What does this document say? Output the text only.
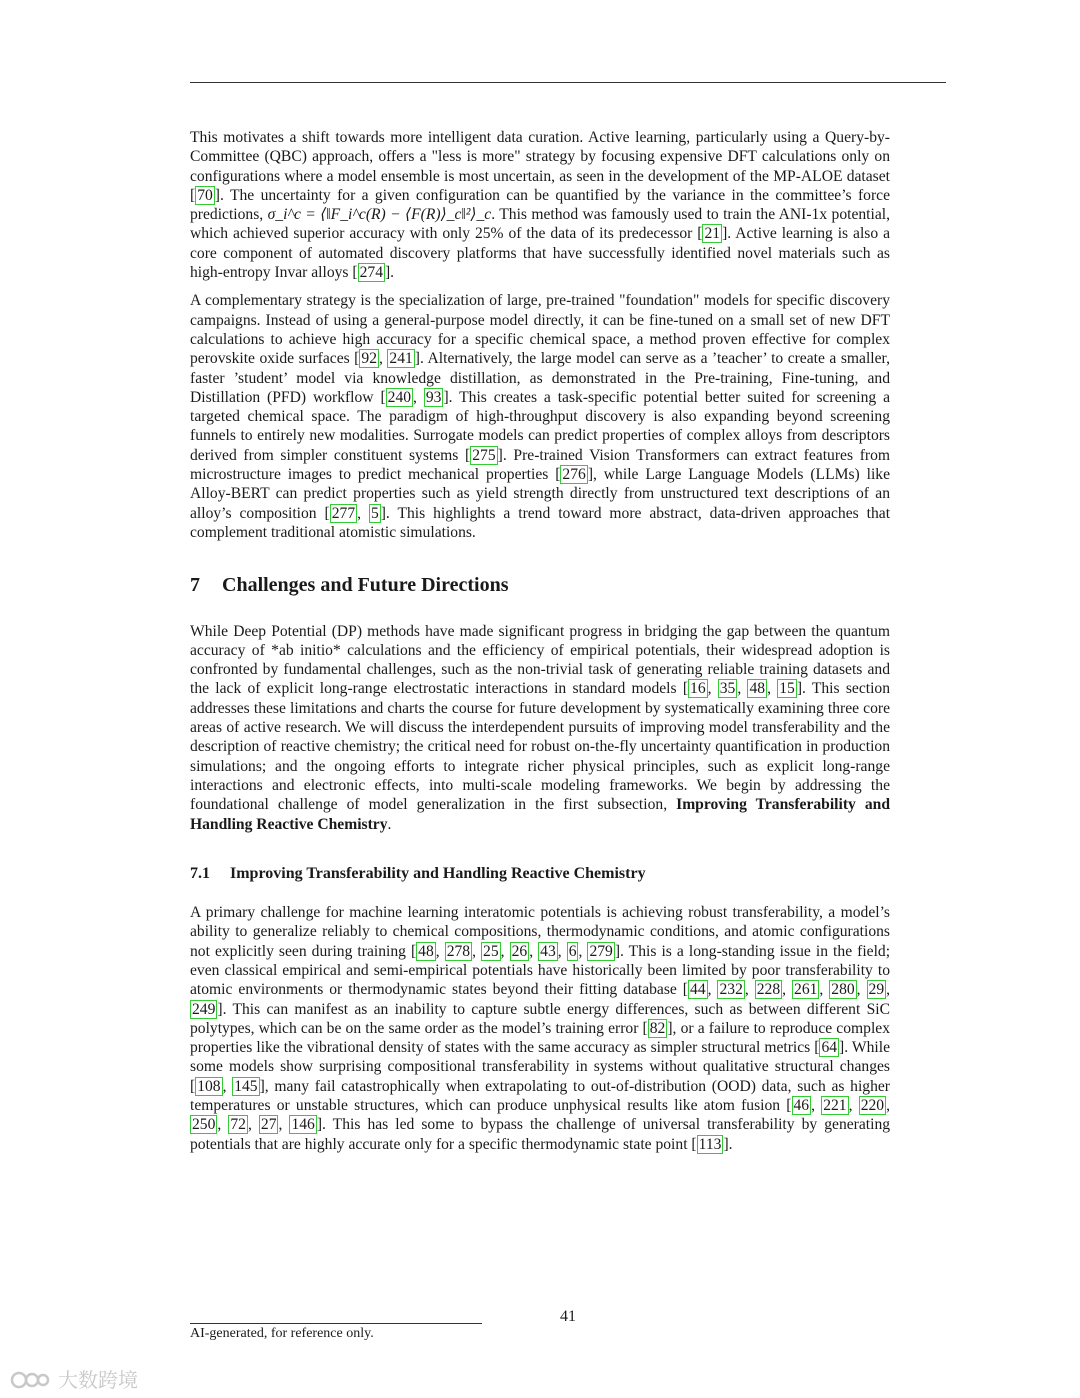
This motivates a shift towards more intelligent data curation. Active learning, particularly using a Query-by-Committee (QBC) approach, offers a "less is more" strategy by focusing expensive DFT calculations only on configurations where a model ensemble is most uncertain, as seen in the development of the MP-ALOE dataset [ 70 ]. The uncertainty for a given configuration can be quantified by the variance in the committee’s force predictions, σ_i^c = ⟨‖F_i^c(R) − ⟨F(R)⟩_c‖²⟩_c. This method was famously used to train the ANI-1x potential, which achieved superior accuracy with only 25% of the data of its predecessor [ 21 ]. Active learning is also a core component of automated discovery platforms that have successfully identified novel materials such as high-entropy Invar alloys [ 274 ].

A complementary strategy is the specialization of large, pre-trained "foundation" models for specific discovery campaigns. Instead of using a general-purpose model directly, it can be fine-tuned on a small set of new DFT calculations to achieve high accuracy for a specific chemical space, a method proven effective for complex perovskite oxide surfaces [ 92 , 241 ]. Alternatively, the large model can serve as a ’teacher’ to create a smaller, faster ’student’ model via knowledge distillation, as demonstrated in the Pre-training, Fine-tuning, and Distillation (PFD) workflow [ 240 , 93 ]. This creates a task-specific potential better suited for screening a targeted chemical space. The paradigm of high-throughput discovery is also expanding beyond screening funnels to entirely new modalities. Surrogate models can predict properties of complex alloys from descriptors derived from simpler constituent systems [ 275 ]. Pre-trained Vision Transformers can extract features from microstructure images to predict mechanical properties [ 276 ], while Large Language Models (LLMs) like Alloy-BERT can predict properties such as yield strength directly from unstructured text descriptions of an alloy’s composition [ 277 , 5 ]. This highlights a trend toward more abstract, data-driven approaches that complement traditional atomistic simulations.

7 Challenges and Future Directions

While Deep Potential (DP) methods have made significant progress in bridging the gap between the quantum accuracy of *ab initio* calculations and the efficiency of empirical potentials, their widespread adoption is confronted by fundamental challenges, such as the non-trivial task of generating reliable training datasets and the lack of explicit long-range electrostatic interactions in standard models [ 16 , 35 , 48 , 15 ]. This section addresses these limitations and charts the course for future development by systematically examining three core areas of active research. We will discuss the interdependent pursuits of improving model transferability and the description of reactive chemistry; the critical need for robust on-the-fly uncertainty quantification in production simulations; and the ongoing efforts to integrate richer physical principles, such as explicit long-range interactions and electronic effects, into multi-scale modeling frameworks. We begin by addressing the foundational challenge of model generalization in the first subsection, Improving Transferability and Handling Reactive Chemistry.

7.1 Improving Transferability and Handling Reactive Chemistry

A primary challenge for machine learning interatomic potentials is achieving robust transferability, a model’s ability to generalize reliably to chemical compositions, thermodynamic conditions, and atomic configurations not explicitly seen during training [ 48 , 278 , 25 , 26 , 43 , 6 , 279 ]. This is a long-standing issue in the field; even classical empirical and semi-empirical potentials have historically been limited by poor transferability to atomic environments or thermodynamic states beyond their fitting database [ 44 , 232 , 228 , 261 , 280 , 29 , 249 ]. This can manifest as an inability to capture subtle energy differences, such as between different SiC polytypes, which can be on the same order as the model’s training error [ 82 ], or a failure to reproduce complex properties like the vibrational density of states with the same accuracy as simpler structural metrics [ 64 ]. While some models show surprising compositional transferability in systems without qualitative structural changes [ 108 , 145 ], many fail catastrophically when extrapolating to out-of-distribution (OOD) data, such as higher temperatures or unstable structures, which can produce unphysical results like atom fusion [ 46 , 221 , 220 , 250 , 72 , 27 , 146 ]. This has led some to bypass the challenge of universal transferability by generating potentials that are highly accurate only for a specific thermodynamic state point [ 113 ].

41
AI-generated, for reference only.
大数跨境
